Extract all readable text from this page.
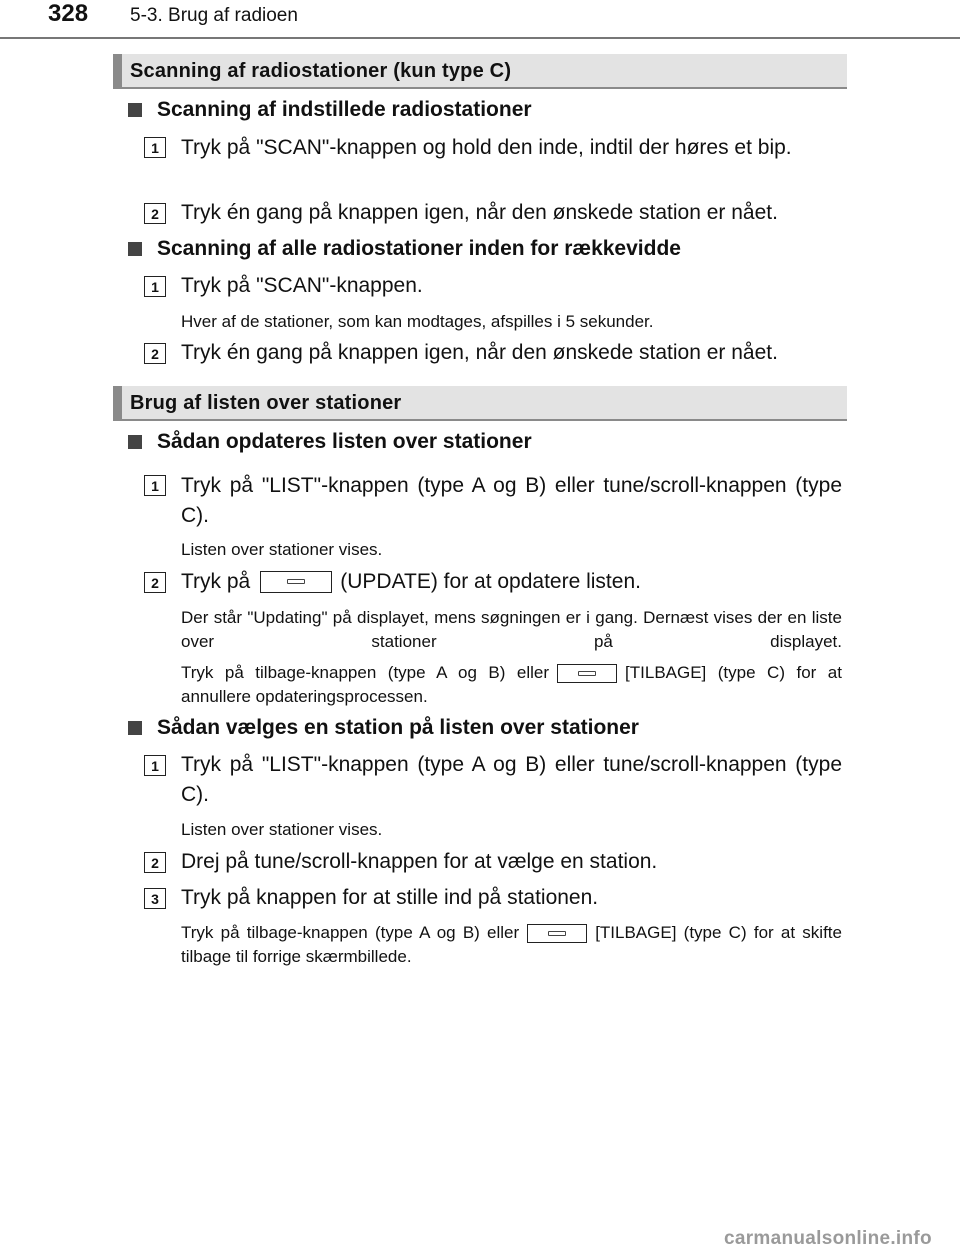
328 5-3. Brug af radioen
Scanning af radiostationer (kun type C)
Scanning af indstillede radiostationer
1	Tryk på "SCAN"-knappen og hold den inde, indtil der høres et bip.
2	Tryk én gang på knappen igen, når den ønskede station er nået.
Scanning af alle radiostationer inden for rækkevidde
1	Tryk på "SCAN"-knappen.
Hver af de stationer, som kan modtages, afspilles i 5 sekunder.
2	Tryk én gang på knappen igen, når den ønskede station er nået.
Brug af listen over stationer
Sådan opdateres listen over stationer
1	Tryk på "LIST"-knappen (type A og B) eller tune/scroll-knappen (type C).
Listen over stationer vises.
2	Tryk på	(UPDATE) for at opdatere listen.
Der står "Updating" på displayet, mens søgningen er i gang. Dernæst vises der en liste over stationer på displayet.
Tryk på tilbage-knappen (type A og B) eller	[TILBAGE] (type C) for at annullere opdateringsprocessen.
Sådan vælges en station på listen over stationer
1	Tryk på "LIST"-knappen (type A og B) eller tune/scroll-knappen (type C).
Listen over stationer vises.
2	Drej på tune/scroll-knappen for at vælge en station.
3	Tryk på knappen for at stille ind på stationen.
Tryk på tilbage-knappen (type A og B) eller	[TILBAGE] (type C) for at skifte tilbage til forrige skærmbillede.
carmanualsonline.info
